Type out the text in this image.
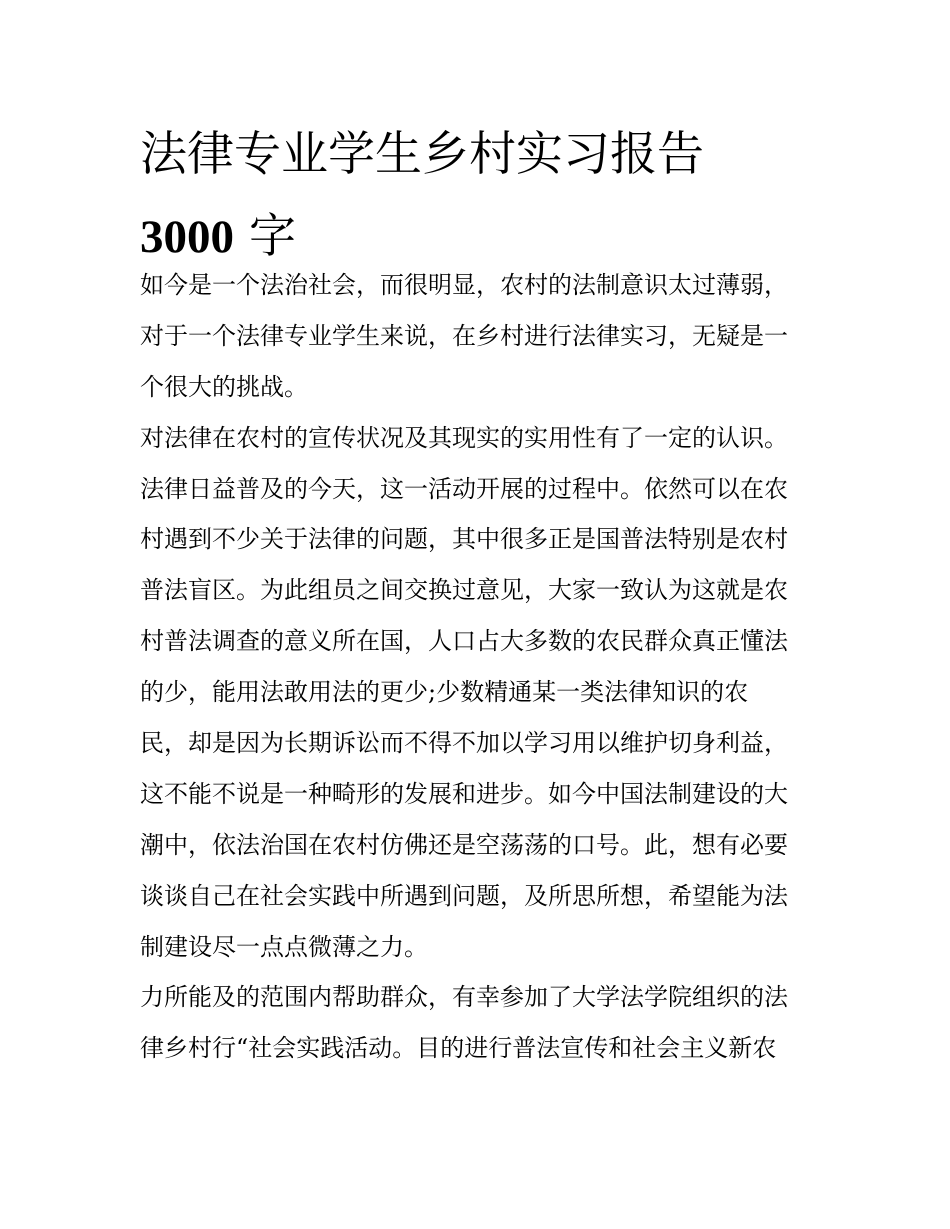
法律专业学生乡村实习报告
3000 字
如今是一个法治社会，而很明显，农村的法制意识太过薄弱，
对于一个法律专业学生来说，在乡村进行法律实习，无疑是一
个很大的挑战。
对法律在农村的宣传状况及其现实的实用性有了一定的认识。
法律日益普及的今天，这一活动开展的过程中。依然可以在农
村遇到不少关于法律的问题，其中很多正是国普法特别是农村
普法盲区。为此组员之间交换过意见，大家一致认为这就是农
村普法调查的意义所在国，人口占大多数的农民群众真正懂法
的少，能用法敢用法的更少;少数精通某一类法律知识的农
民，却是因为长期诉讼而不得不加以学习用以维护切身利益，
这不能不说是一种畸形的发展和进步。如今中国法制建设的大
潮中，依法治国在农村仿佛还是空荡荡的口号。此，想有必要
谈谈自己在社会实践中所遇到问题，及所思所想，希望能为法
制建设尽一点点微薄之力。
力所能及的范围内帮助群众，有幸参加了大学法学院组织的法
律乡村行“社会实践活动。目的进行普法宣传和社会主义新农
